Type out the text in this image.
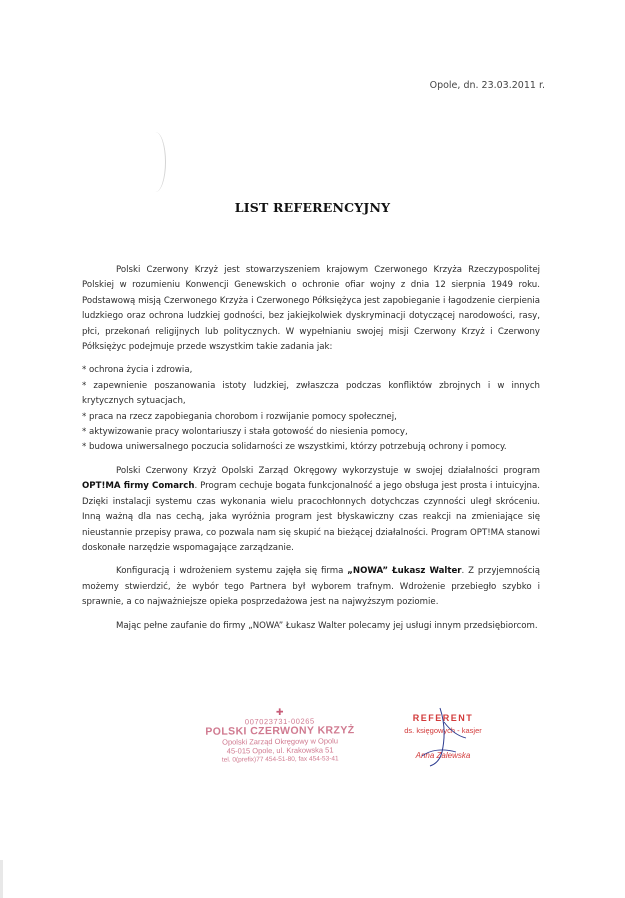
Opole, dn. 23.03.2011 r.
LIST REFERENCYJNY

Polski Czerwony Krzyż jest stowarzyszeniem krajowym Czerwonego Krzyża Rzeczypospolitej Polskiej w rozumieniu Konwencji Genewskich o ochronie ofiar wojny z dnia 12 sierpnia 1949 roku. Podstawową misją Czerwonego Krzyża i Czerwonego Półksiężyca jest zapobieganie i łagodzenie cierpienia ludzkiego oraz ochrona ludzkiej godności, bez jakiejkolwiek dyskryminacji dotyczącej narodowości, rasy, płci, przekonań religijnych lub politycznych. W wypełnianiu swojej misji Czerwony Krzyż i Czerwony Półksiężyc podejmuje przede wszystkim takie zadania jak:

* ochrona życia i zdrowia,
* zapewnienie poszanowania istoty ludzkiej, zwłaszcza podczas konfliktów zbrojnych i w innych krytycznych sytuacjach,
* praca na rzecz zapobiegania chorobom i rozwijanie pomocy społecznej,
* aktywizowanie pracy wolontariuszy i stała gotowość do niesienia pomocy,
* budowa uniwersalnego poczucia solidarności ze wszystkimi, którzy potrzebują ochrony i pomocy.

Polski Czerwony Krzyż Opolski Zarząd Okręgowy wykorzystuje w swojej działalności program OPT!MA firmy Comarch. Program cechuje bogata funkcjonalność a jego obsługa jest prosta i intuicyjna. Dzięki instalacji systemu czas wykonania wielu pracochłonnych dotychczas czynności uległ skróceniu. Inną ważną dla nas cechą, jaka wyróżnia program jest błyskawiczny czas reakcji na zmieniające się nieustannie przepisy prawa, co pozwala nam się skupić na bieżącej działalności. Program OPT!MA stanowi doskonałe narzędzie wspomagające zarządzanie.

Konfiguracją i wdrożeniem systemu zajęła się firma „NOWA” Łukasz Walter. Z przyjemnością możemy stwierdzić, że wybór tego Partnera był wyborem trafnym. Wdrożenie przebiegło szybko i sprawnie, a co najważniejsze opieka posprzedażowa jest na najwyższym poziomie.

Mając pełne zaufanie do firmy „NOWA” Łukasz Walter polecamy jej usługi innym przedsiębiorcom.

✚
007023731-00265
POLSKI CZERWONY KRZYŻ
Opolski Zarząd Okręgowy w Opolu
45-015 Opole, ul. Krakowska 51
tel. 0(prefix)77 454-51-80, fax 454-53-41
REFERENT
ds. księgowych - kasjer
Anna Zalewska
